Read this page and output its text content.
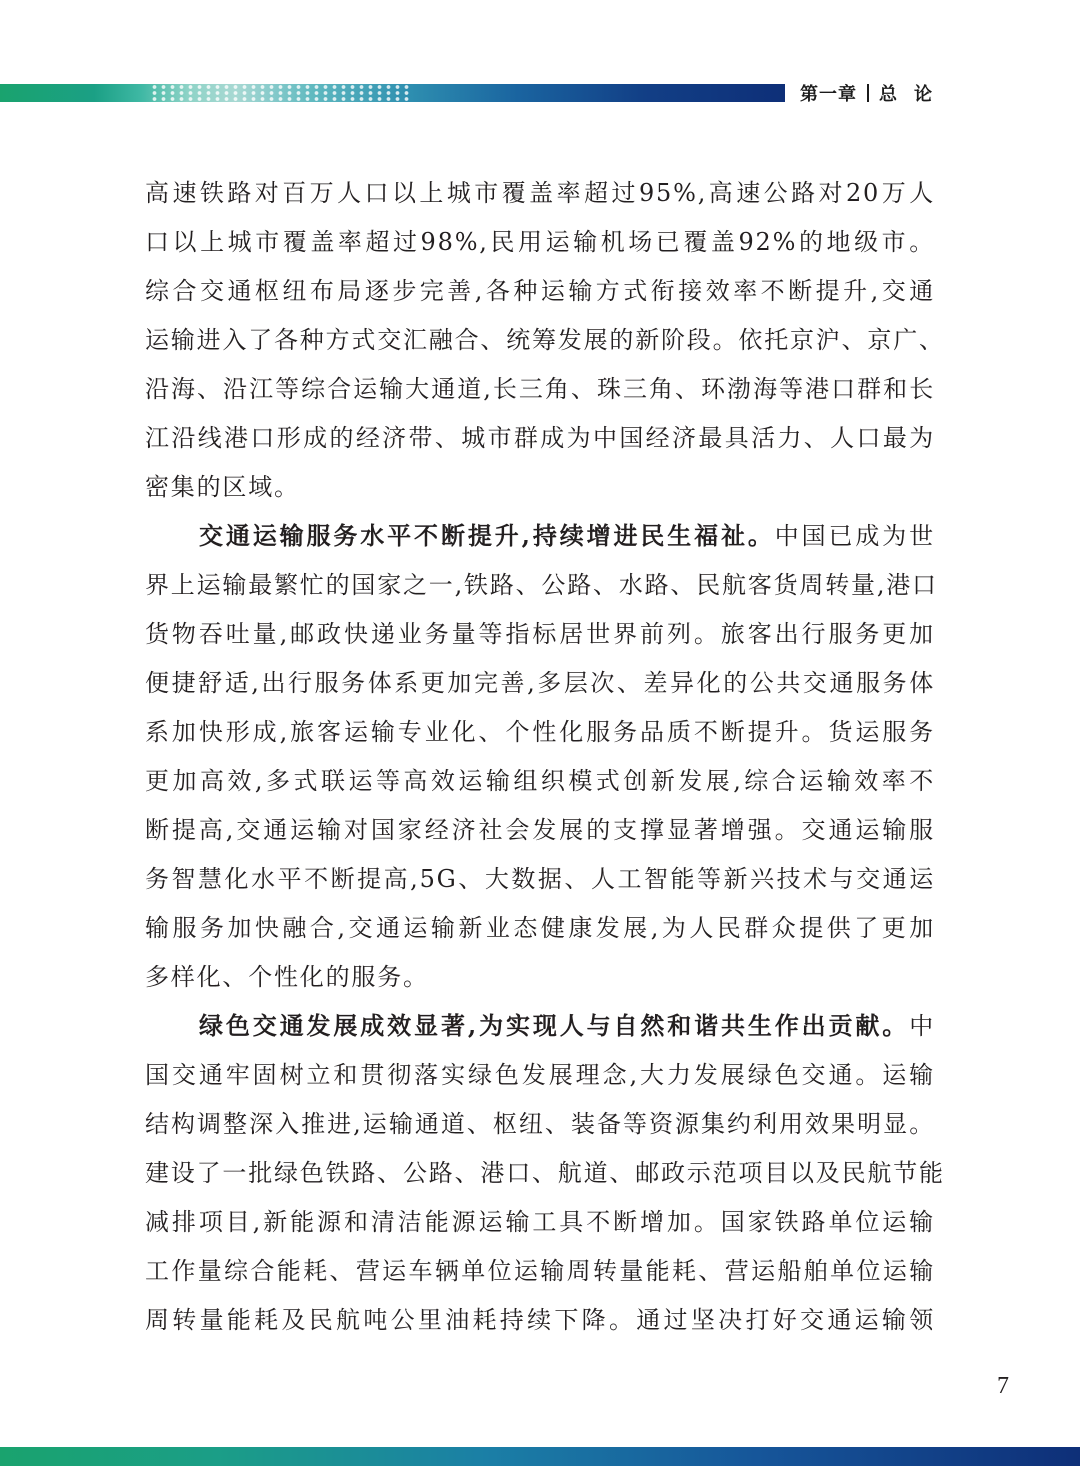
第一章 总 论
高速铁路对百万人口以上城市覆盖率超过95%,高速公路对20万人
口以上城市覆盖率超过98%,民用运输机场已覆盖92%的地级市。
综合交通枢纽布局逐步完善,各种运输方式衔接效率不断提升,交通
运输进入了各种方式交汇融合、统筹发展的新阶段。依托京沪、京广、
沿海、沿江等综合运输大通道,长三角、珠三角、环渤海等港口群和长
江沿线港口形成的经济带、城市群成为中国经济最具活力、人口最为
密集的区域。
交通运输服务水平不断提升,持续增进民生福祉。中国已成为世
界上运输最繁忙的国家之一,铁路、公路、水路、民航客货周转量,港口
货物吞吐量,邮政快递业务量等指标居世界前列。旅客出行服务更加
便捷舒适,出行服务体系更加完善,多层次、差异化的公共交通服务体
系加快形成,旅客运输专业化、个性化服务品质不断提升。货运服务
更加高效,多式联运等高效运输组织模式创新发展,综合运输效率不
断提高,交通运输对国家经济社会发展的支撑显著增强。交通运输服
务智慧化水平不断提高,5G、大数据、人工智能等新兴技术与交通运
输服务加快融合,交通运输新业态健康发展,为人民群众提供了更加
多样化、个性化的服务。
绿色交通发展成效显著,为实现人与自然和谐共生作出贡献。中
国交通牢固树立和贯彻落实绿色发展理念,大力发展绿色交通。运输
结构调整深入推进,运输通道、枢纽、装备等资源集约利用效果明显。
建设了一批绿色铁路、公路、港口、航道、邮政示范项目以及民航节能
减排项目,新能源和清洁能源运输工具不断增加。国家铁路单位运输
工作量综合能耗、营运车辆单位运输周转量能耗、营运船舶单位运输
周转量能耗及民航吨公里油耗持续下降。通过坚决打好交通运输领
7
